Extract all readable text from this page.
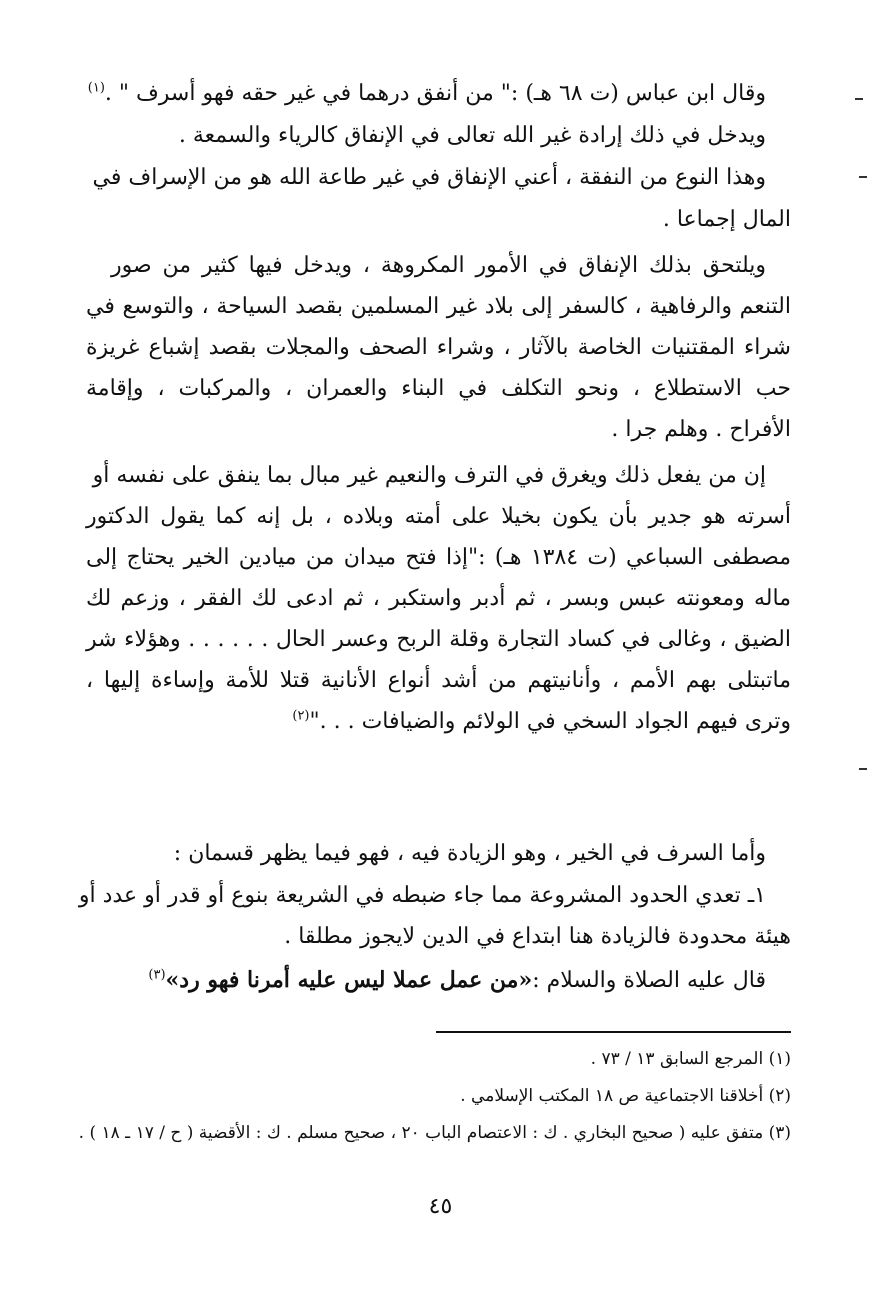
وقال ابن عباس (ت ٦٨ هـ) :" من أنفق درهما في غير حقه فهو أسرف " .$^{(١)}$
ويدخل في ذلك إرادة غير الله تعالى في الإنفاق كالرياء والسمعة .
وهذا النوع من النفقة ، أعني الإنفاق في غير طاعة الله هو من الإسراف في
المال إجماعا .
ويلتحق بذلك الإنفاق في الأمور المكروهة ، ويدخل فيها كثير من صور
التنعم والرفاهية ، كالسفر إلى بلاد غير المسلمين بقصد السياحة ، والتوسع في
شراء المقتنيات الخاصة بالآثار ، وشراء الصحف والمجلات بقصد إشباع غريزة
حب الاستطلاع ، ونحو التكلف في البناء والعمران ، والمركبات ، وإقامة
الأفراح . وهلم جرا .
إن من يفعل ذلك ويغرق في الترف والنعيم غير مبال بما ينفق على نفسه أو
أسرته هو جدير بأن يكون بخيلا على أمته وبلاده ، بل إنه كما يقول الدكتور
مصطفى السباعي (ت ١٣٨٤ هـ) :"إذا فتح ميدان من ميادين الخير يحتاج إلى
ماله ومعونته عبس وبسر ، ثم أدبر واستكبر ، ثم ادعى لك الفقر ، وزعم لك
الضيق ، وغالى في كساد التجارة وقلة الربح وعسر الحال . . . . . . وهؤلاء شر
ماتبتلى بهم الأمم ، وأنانيتهم من أشد أنواع الأنانية قتلا للأمة وإساءة إليها ،
وترى فيهم الجواد السخي في الولائم والضيافات . . ."$^{(٢)}$
وأما السرف في الخير ، وهو الزيادة فيه ، فهو فيما يظهر قسمان :
١ـ تعدي الحدود المشروعة مما جاء ضبطه في الشريعة بنوع أو قدر أو عدد أو
هيئة محدودة فالزيادة هنا ابتداع في الدين لايجوز مطلقا .
قال عليه الصلاة والسلام :«من عمل عملا ليس عليه أمرنا فهو رد»$^{(٣)}$
(١) المرجع السابق ١٣ / ٧٣ .
(٢) أخلاقنا الاجتماعية ص ١٨ المكتب الإسلامي .
(٣) متفق عليه ( صحيح البخاري . ك : الاعتصام الباب ٢٠ ، صحيح مسلم . ك : الأقضية ( ح / ١٧ ـ ١٨ ) .
٤٥
